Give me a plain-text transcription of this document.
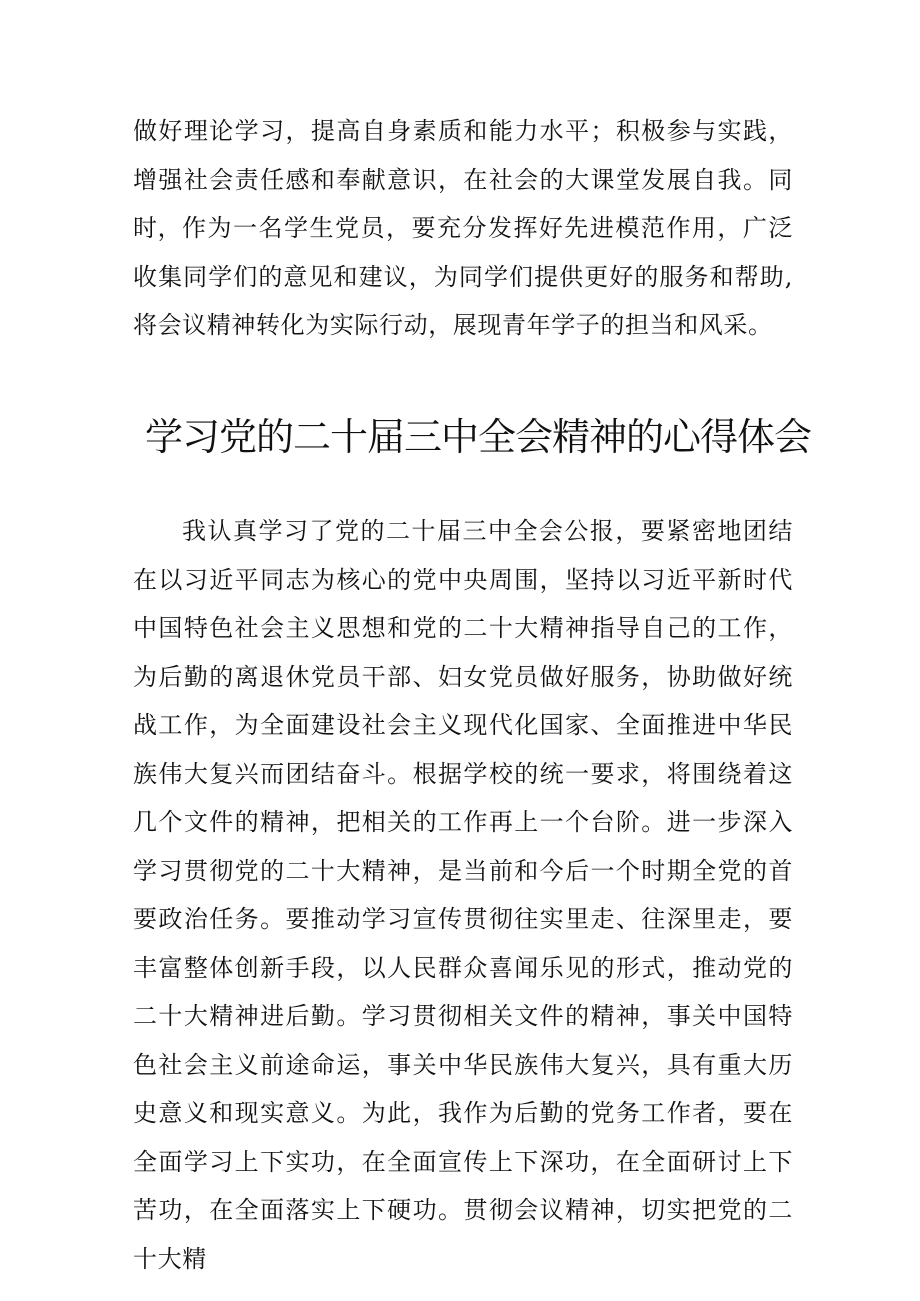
做好理论学习，提高自身素质和能力水平；积极参与实践，增强社会责任感和奉献意识，在社会的大课堂发展自我。同时， 作为一名学生党员，要充分发挥好先进模范作用，广泛收集同学们的意见和建议，为同学们提供更好的服务和帮助,将会议精神转化为实际行动，展现青年学子的担当和风采。

学习党的二十届三中全会精神的心得体会

我认真学习了党的二十届三中全会公报，要紧密地团结在以习近平同志为核心的党中央周围，坚持以习近平新时代中国特色社会主义思想和党的二十大精神指导自己的工作，为后勤的离退休党员干部、妇女党员做好服务，协助做好统战工作，为全面建设社会主义现代化国家、全面推进中华民族伟大复兴而团结奋斗。根据学校的统一要求，将围绕着这几个文件的精神，把相关的工作再上一个台阶。进一步深入学习贯彻党的二十大精神，是当前和今后一个时期全党的首要政治任务。要推动学习宣传贯彻往实里走、往深里走，要丰富整体创新手段，以人民群众喜闻乐见的形式，推动党的二十大精神进后勤。学习贯彻相关文件的精神，事关中国特色社会主义前途命运，事关中华民族伟大复兴，具有重大历史意义和现实意义。为此，我作为后勤的党务工作者，要在全面学习上下实功，在全面宣传上下深功，在全面研讨上下苦功，在全面落实上下硬功。贯彻会议精神，切实把党的二十大精
